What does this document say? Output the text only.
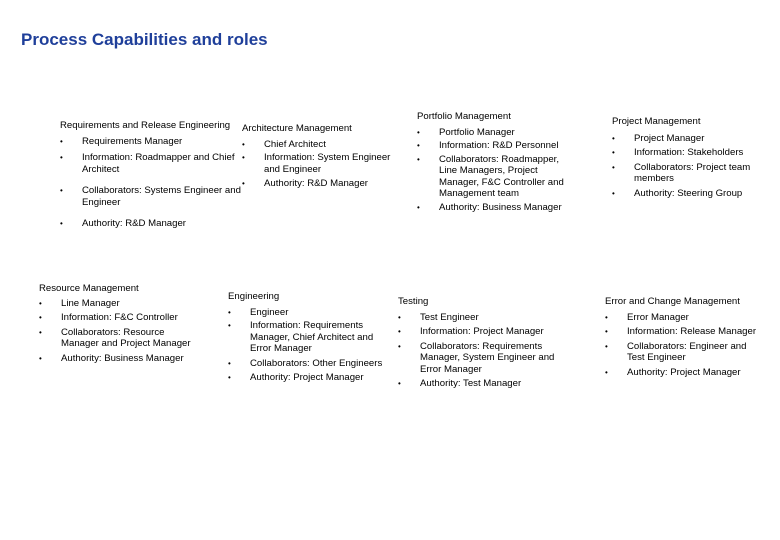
Process Capabilities and roles
Requirements and Release Engineering
• Requirements Manager
• Information: Roadmapper and Chief Architect
• Collaborators: Systems Engineer and Engineer
• Authority: R&D Manager
Architecture Management
• Chief Architect
• Information: System Engineer and Engineer
• Authority: R&D Manager
Portfolio Management
• Portfolio Manager
• Information: R&D Personnel
• Collaborators: Roadmapper, Line Managers, Project Manager, F&C Controller and Management team
• Authority: Business Manager
Project Management
• Project Manager
• Information: Stakeholders
• Collaborators: Project team members
• Authority: Steering Group
Resource Management
• Line Manager
• Information: F&C Controller
• Collaborators: Resource Manager and Project Manager
• Authority: Business Manager
Engineering
• Engineer
• Information: Requirements Manager, Chief Architect and Error Manager
• Collaborators: Other Engineers
• Authority: Project Manager
Testing
• Test Engineer
• Information: Project Manager
• Collaborators: Requirements Manager, System Engineer and Error Manager
• Authority: Test Manager
Error and Change Management
• Error Manager
• Information: Release Manager
• Collaborators: Engineer and Test Engineer
• Authority: Project Manager
